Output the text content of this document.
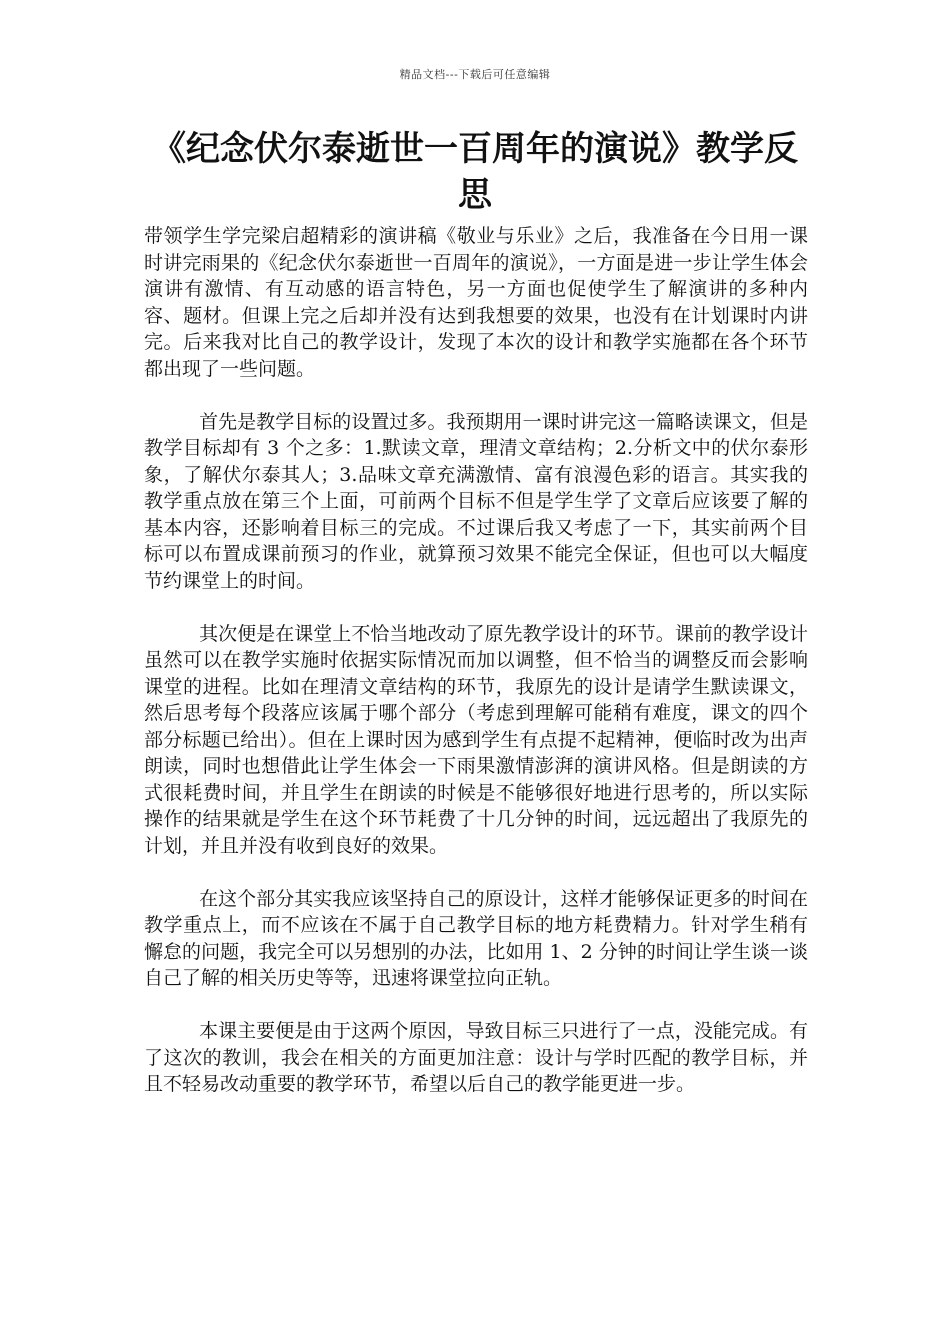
精品文档---下载后可任意编辑
《纪念伏尔泰逝世一百周年的演说》教学反思

带领学生学完梁启超精彩的演讲稿《敬业与乐业》之后，我准备在今日用一课时讲完雨果的《纪念伏尔泰逝世一百周年的演说》，一方面是进一步让学生体会演讲有激情、有互动感的语言特色，另一方面也促使学生了解演讲的多种内容、题材。但课上完之后却并没有达到我想要的效果，也没有在计划课时内讲完。后来我对比自己的教学设计，发现了本次的设计和教学实施都在各个环节都出现了一些问题。

首先是教学目标的设置过多。我预期用一课时讲完这一篇略读课文，但是教学目标却有 3 个之多：1.默读文章，理清文章结构；2.分析文中的伏尔泰形象，了解伏尔泰其人；3.品味文章充满激情、富有浪漫色彩的语言。其实我的教学重点放在第三个上面，可前两个目标不但是学生学了文章后应该要了解的基本内容，还影响着目标三的完成。不过课后我又考虑了一下，其实前两个目标可以布置成课前预习的作业，就算预习效果不能完全保证，但也可以大幅度节约课堂上的时间。

其次便是在课堂上不恰当地改动了原先教学设计的环节。课前的教学设计虽然可以在教学实施时依据实际情况而加以调整，但不恰当的调整反而会影响课堂的进程。比如在理清文章结构的环节，我原先的设计是请学生默读课文，然后思考每个段落应该属于哪个部分（考虑到理解可能稍有难度，课文的四个部分标题已给出）。但在上课时因为感到学生有点提不起精神，便临时改为出声朗读，同时也想借此让学生体会一下雨果激情澎湃的演讲风格。但是朗读的方式很耗费时间，并且学生在朗读的时候是不能够很好地进行思考的，所以实际操作的结果就是学生在这个环节耗费了十几分钟的时间，远远超出了我原先的计划，并且并没有收到良好的效果。

在这个部分其实我应该坚持自己的原设计，这样才能够保证更多的时间在教学重点上，而不应该在不属于自己教学目标的地方耗费精力。针对学生稍有懈怠的问题，我完全可以另想别的办法，比如用 1、2 分钟的时间让学生谈一谈自己了解的相关历史等等，迅速将课堂拉向正轨。

本课主要便是由于这两个原因，导致目标三只进行了一点，没能完成。有了这次的教训，我会在相关的方面更加注意：设计与学时匹配的教学目标，并且不轻易改动重要的教学环节，希望以后自己的教学能更进一步。
